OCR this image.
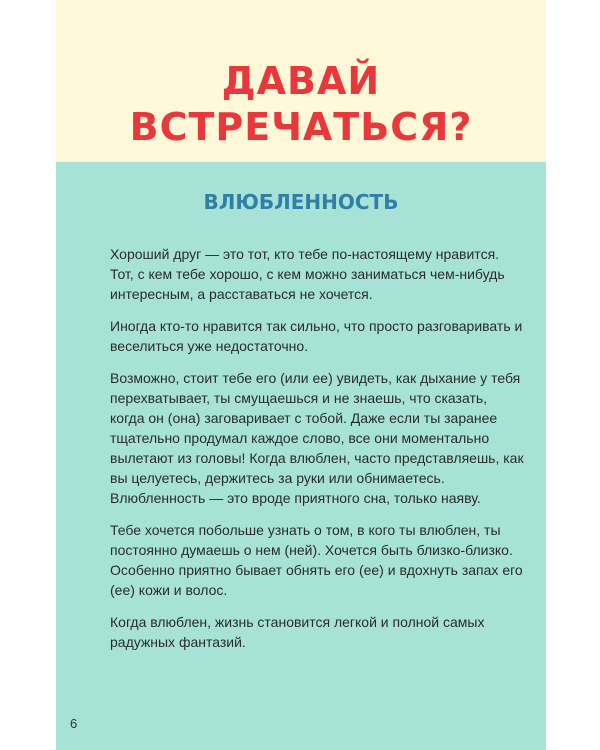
ДАВАЙ
ВСТРЕЧАТЬСЯ?
ВЛЮБЛЕННОСТЬ

Хороший друг — это тот, кто тебе по-настоящему нравится. Тот, с кем тебе хорошо, с кем можно заниматься чем-нибудь интересным, а расставаться не хочется.

Иногда кто-то нравится так сильно, что просто разговаривать и веселиться уже недостаточно.

Возможно, стоит тебе его (или ее) увидеть, как дыхание у тебя перехватывает, ты смущаешься и не знаешь, что сказать, когда он (она) заговаривает с тобой. Даже если ты заранее тщательно продумал каждое слово, все они моментально вылетают из головы! Когда влюблен, часто представляешь, как вы целуетесь, держитесь за руки или обнимаетесь. Влюбленность — это вроде приятного сна, только наяву.

Тебе хочется побольше узнать о том, в кого ты влюблен, ты постоянно думаешь о нем (ней). Хочется быть близко-близко. Особенно приятно бывает обнять его (ее) и вдохнуть запах его (ее) кожи и волос.

Когда влюблен, жизнь становится легкой и полной самых радужных фантазий.

6
